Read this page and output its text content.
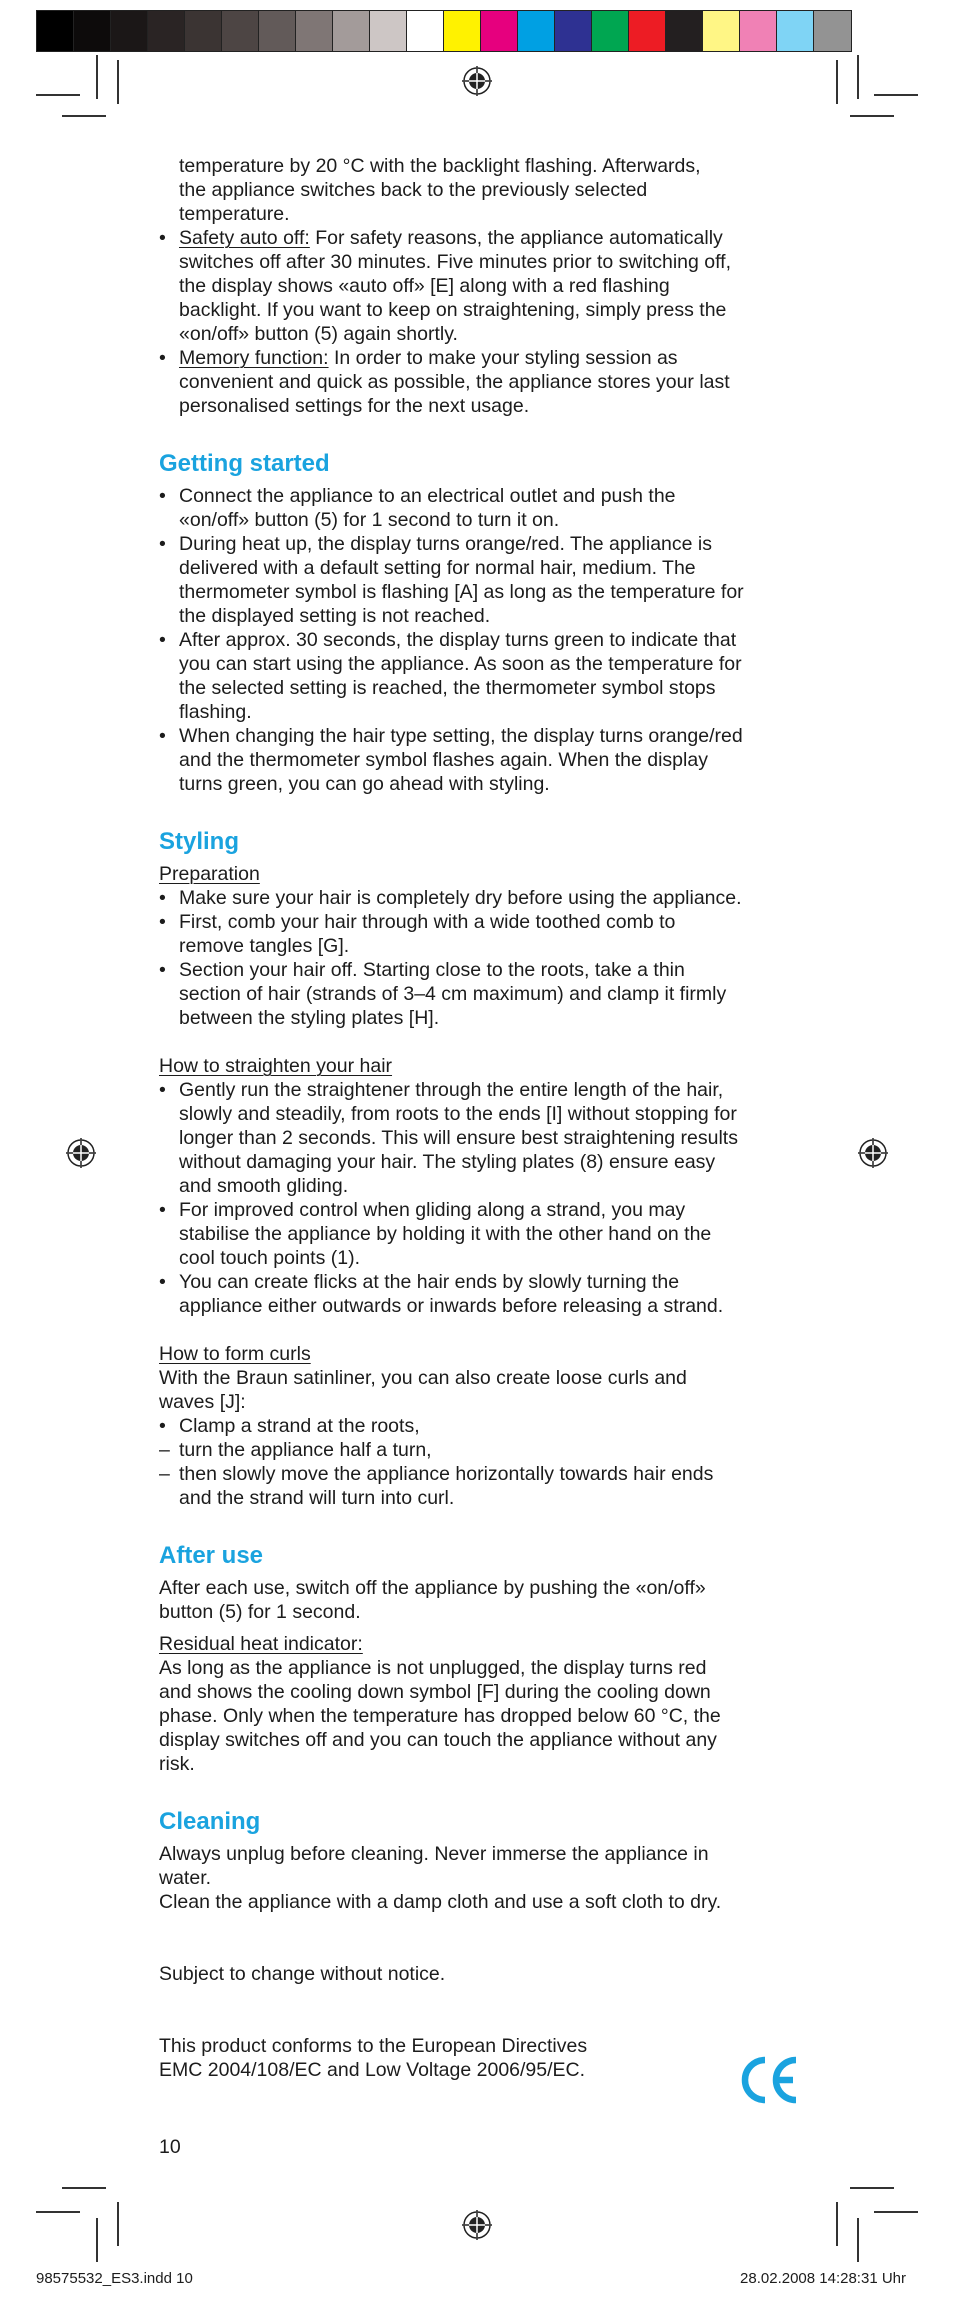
temperature by 20 °C with the backlight flashing. Afterwards,
the appliance switches back to the previously selected
temperature.

• Safety auto off: For safety reasons, the appliance automatically
switches off after 30 minutes. Five minutes prior to switching off,
the display shows «auto off» [E] along with a red flashing
backlight. If you want to keep on straightening, simply press the
«on/off» button (5) again shortly.
• Memory function: In order to make your styling session as
convenient and quick as possible, the appliance stores your last
personalised settings for the next usage.
Getting started
• Connect the appliance to an electrical outlet and push the
«on/off» button (5) for 1 second to turn it on.
• During heat up, the display turns orange/red. The appliance is
delivered with a default setting for normal hair, medium. The
thermometer symbol is flashing [A] as long as the temperature for
the displayed setting is not reached.
• After approx. 30 seconds, the display turns green to indicate that
you can start using the appliance. As soon as the temperature for
the selected setting is reached, the thermometer symbol stops
flashing.
• When changing the hair type setting, the display turns orange/red
and the thermometer symbol flashes again. When the display
turns green, you can go ahead with styling.
Styling

Preparation

• Make sure your hair is completely dry before using the appliance.
• First, comb your hair through with a wide toothed comb to
remove tangles [G].
• Section your hair off. Starting close to the roots, take a thin
section of hair (strands of 3–4 cm maximum) and clamp it firmly
between the styling plates [H].

How to straighten your hair

• Gently run the straightener through the entire length of the hair,
slowly and steadily, from roots to the ends [I] without stopping for
longer than 2 seconds. This will ensure best straightening results
without damaging your hair. The styling plates (8) ensure easy
and smooth gliding.
• For improved control when gliding along a strand, you may
stabilise the appliance by holding it with the other hand on the
cool touch points (1).
• You can create flicks at the hair ends by slowly turning the
appliance either outwards or inwards before releasing a strand.

How to form curls

With the Braun satinliner, you can also create loose curls and
waves [J]:

• Clamp a strand at the roots,
– turn the appliance half a turn,
– then slowly move the appliance horizontally towards hair ends
and the strand will turn into curl.
After use

After each use, switch off the appliance by pushing the «on/off»
button (5) for 1 second.

Residual heat indicator:

As long as the appliance is not unplugged, the display turns red
and shows the cooling down symbol [F] during the cooling down
phase. Only when the temperature has dropped below 60 °C, the
display switches off and you can touch the appliance without any
risk.

Cleaning

Always unplug before cleaning. Never immerse the appliance in
water.
Clean the appliance with a damp cloth and use a soft cloth to dry.

Subject to change without notice.

This product conforms to the European Directives
EMC 2004/108/EC and Low Voltage 2006/95/EC.

10
98575532_ES3.indd 10	28.02.2008 14:28:31 Uhr
